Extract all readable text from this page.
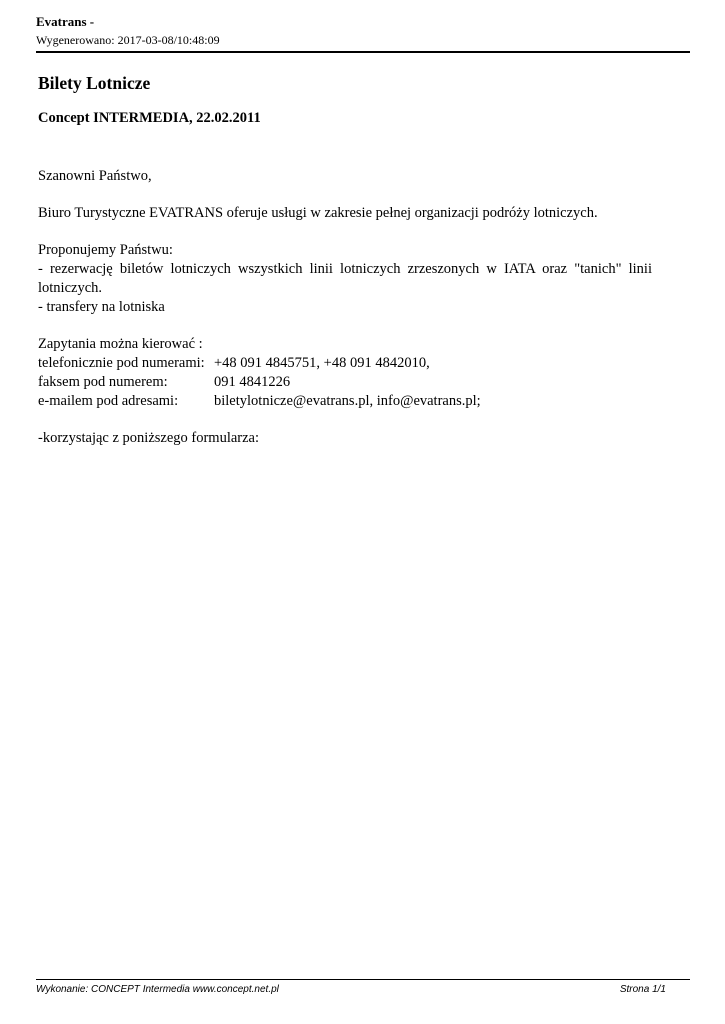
Evatrans -
Wygenerowano: 2017-03-08/10:48:09
Bilety Lotnicze
Concept INTERMEDIA, 22.02.2011

Szanowni Państwo,

Biuro Turystyczne EVATRANS oferuje usługi w zakresie pełnej organizacji podróży lotniczych.

Proponujemy Państwu:

- rezerwację biletów lotniczych wszystkich linii lotniczych zrzeszonych w IATA oraz "tanich" linii lotniczych.

- transfery na lotniska

Zapytania można kierować :

telefonicznie pod numerami: +48 091 4845751, +48 091 4842010,
faksem pod numerem:	091 4841226
e-mailem pod adresami:	biletylotnicze@evatrans.pl, info@evatrans.pl;

-korzystając z poniższego formularza:

Wykonanie: CONCEPT Intermedia www.concept.net.pl	Strona 1/1
